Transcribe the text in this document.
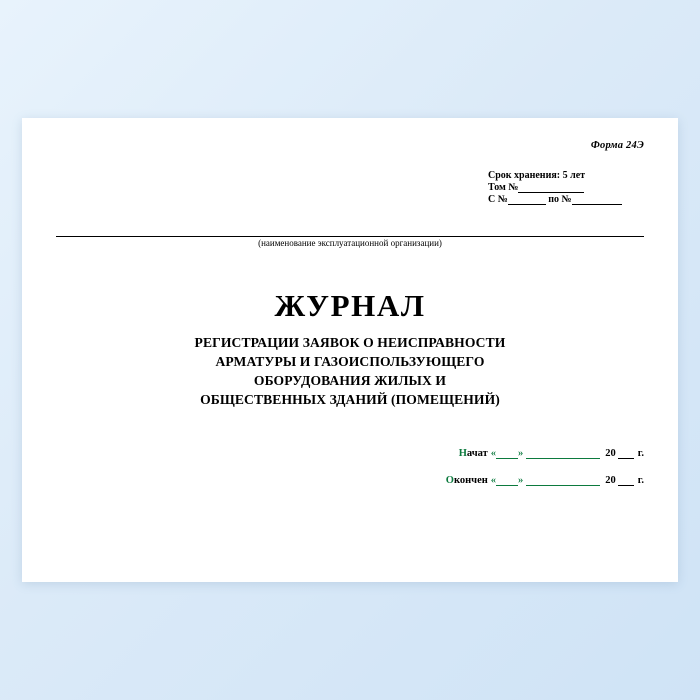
Форма 24Э
Срок хранения: 5 лет
Том №
С №	по №
(наименование эксплуатационной организации)
ЖУРНАЛ
РЕГИСТРАЦИИ ЗАЯВОК О НЕИСПРАВНОСТИ
АРМАТУРЫ И ГАЗОИСПОЛЬЗУЮЩЕГО
ОБОРУДОВАНИЯ ЖИЛЫХ И
ОБЩЕСТВЕННЫХ ЗДАНИЙ (ПОМЕЩЕНИЙ)
Начат « »	20 г.
Окончен « »	20 г.
